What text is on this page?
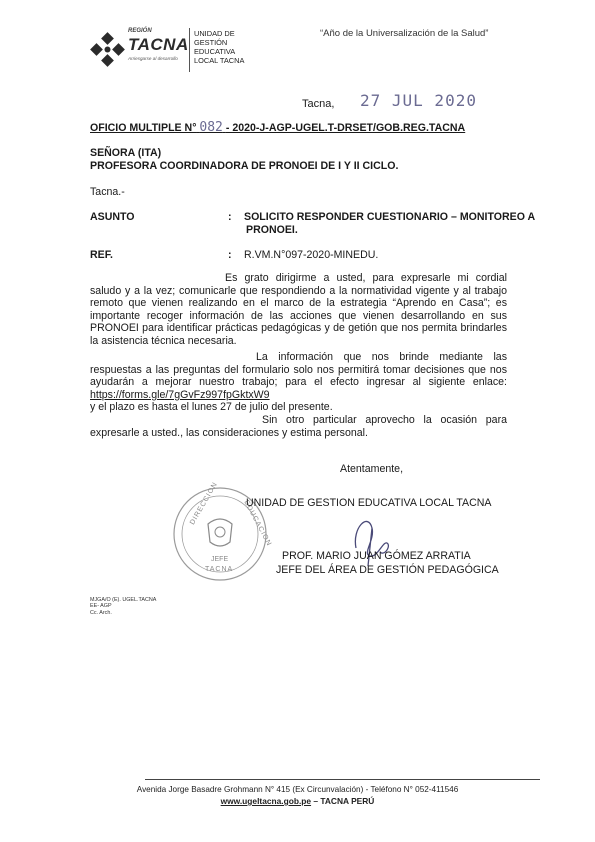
REGIÓN
TACNA
Arriesgarse al desarrollo
UNIDAD DE
GESTIÓN
EDUCATIVA
LOCAL TACNA
“Año de la Universalización de la Salud”
Tacna, 27 JUL 2020
OFICIO MULTIPLE N° 082 - 2020-J-AGP-UGEL.T-DRSET/GOB.REG.TACNA
SEÑORA (ITA)
PROFESORA COORDINADORA DE PRONOEI DE I Y II CICLO.
Tacna.-
ASUNTO	: SOLICITO RESPONDER CUESTIONARIO – MONITOREO A
PRONOEI.
REF.	: R.VM.N°097-2020-MINEDU.
Es grato dirigirme a usted, para expresarle mi cordial saludo y a la vez; comunicarle que respondiendo a la normatividad vigente y al trabajo remoto que vienen realizando en el marco de la estrategia “Aprendo en Casa”; es importante recoger información de las acciones que vienen desarrollando en sus PRONOEI para identificar prácticas pedagógicas y de getión que nos permita brindarles la asistencia técnica necesaria.
La información que nos brinde mediante las respuestas a las preguntas del formulario solo nos permitirá tomar decisiones que nos ayudarán a mejorar nuestro trabajo; para el efecto ingresar al sigiente enlace: https://forms.gle/7gGvFz997fpGktxW9
y el plazo es hasta el lunes 27 de julio del presente.
Sin otro particular aprovecho la ocasión para expresarle a usted., las consideraciones y estima personal.
Atentamente,
DIRECCION	EDUCACION
JEFE
TACNA
UNIDAD DE GESTION EDUCATIVA LOCAL TACNA
PROF. MARIO JUAN GÓMEZ ARRATIA
JEFE DEL ÁREA DE GESTIÓN PEDAGÓGICA
MJGA/O (E). UGEL.TACNA
EE- AGP
Cc. Arch.
Avenida Jorge Basadre Grohmann N° 415 (Ex Circunvalación) - Teléfono N° 052-411546
www.ugeltacna.gob.pe – TACNA PERÚ
